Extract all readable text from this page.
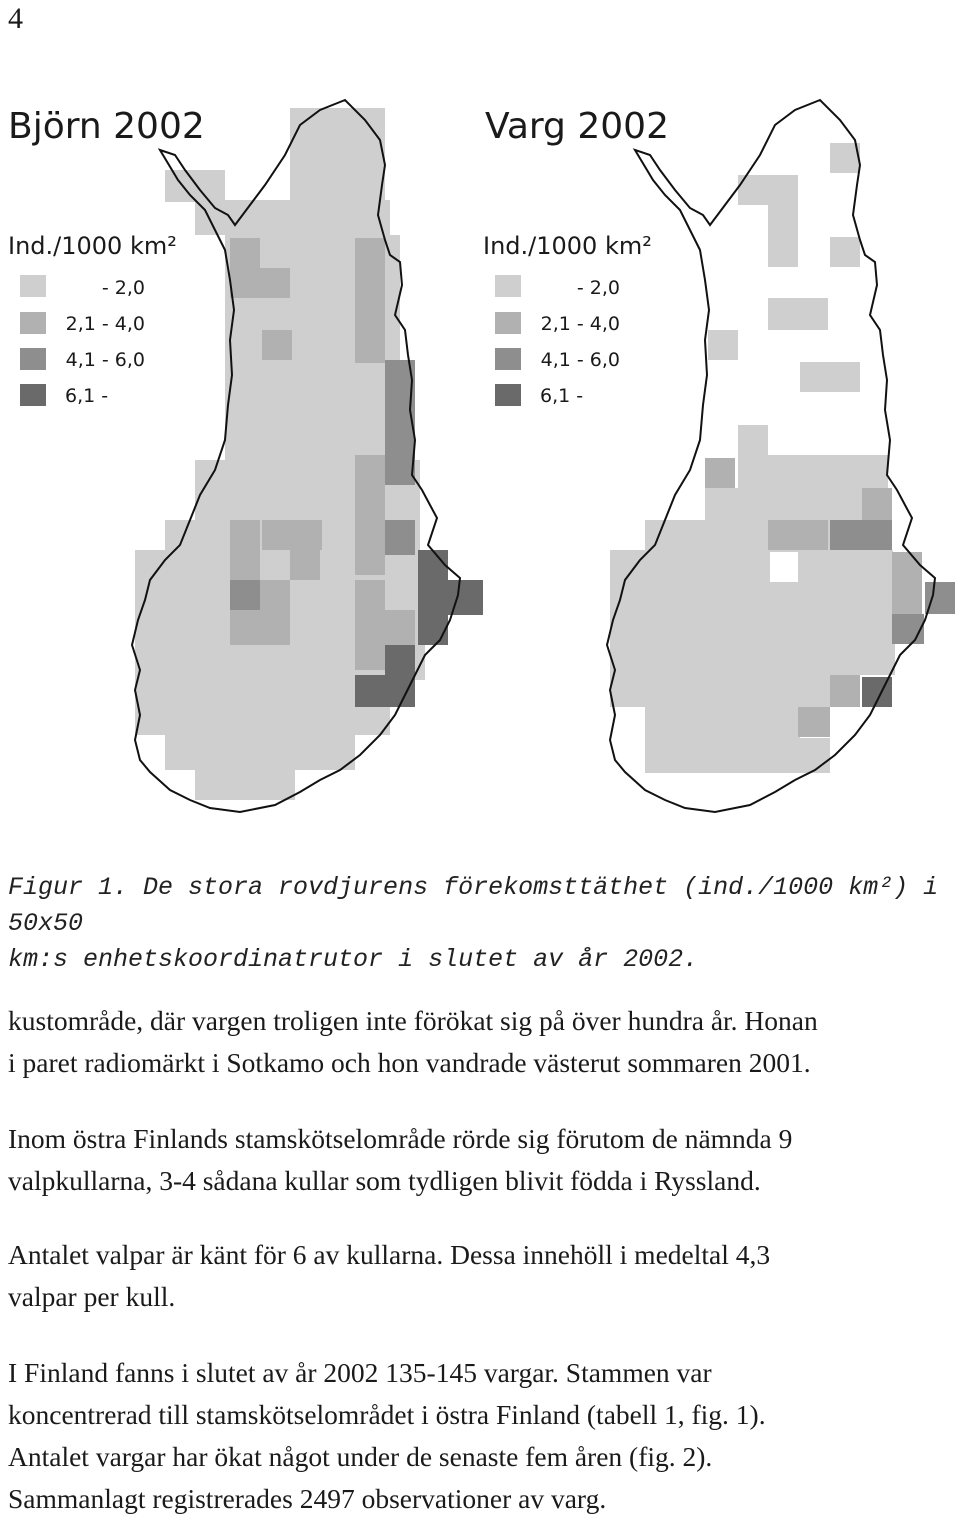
4
Björn 2002
Ind./1000 km²
- 2,0
2,1 - 4,0
4,1 - 6,0
6,1 -
Varg 2002
Ind./1000 km²
- 2,0
2,1 - 4,0
4,1 - 6,0
6,1 -
Figur 1. De stora rovdjurens förekomsttäthet (ind./1000 km²) i 50x50
km:s enhetskoordinatrutor i slutet av år 2002.
kustområde, där vargen troligen inte förökat sig på över hundra år. Honan
i paret radiomärkt i Sotkamo och hon vandrade västerut sommaren 2001.
Inom östra Finlands stamskötselområde rörde sig förutom de nämnda 9
valpkullarna, 3-4 sådana kullar som tydligen blivit födda i Ryssland.
Antalet valpar är känt för 6 av kullarna. Dessa innehöll i medeltal 4,3
valpar per kull.
I Finland fanns i slutet av år 2002 135-145 vargar. Stammen var
koncentrerad till stamskötselområdet i östra Finland (tabell 1, fig. 1).
Antalet vargar har ökat något under de senaste fem åren (fig. 2).
Sammanlagt registrerades 2497 observationer av varg.
